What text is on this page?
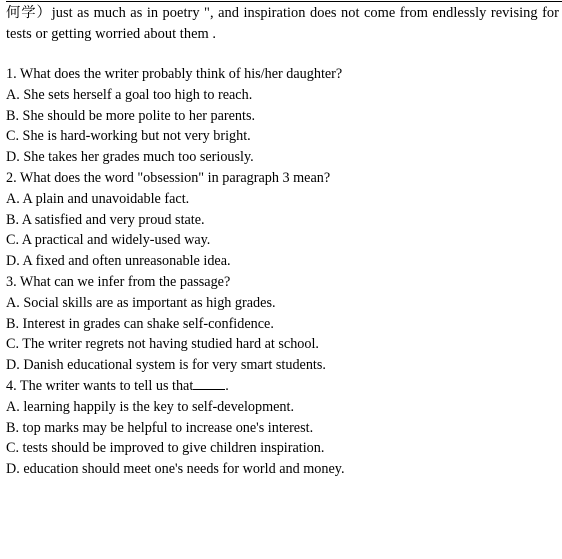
何学）just as much as in poetry ", and inspiration does not come from endlessly revising for tests or getting worried about them .
1. What does the writer probably think of his/her daughter?
A. She sets herself a goal too high to reach.
B. She should be more polite to her parents.
C. She is hard-working but not very bright.
D. She takes her grades much too seriously.
2. What does the word "obsession" in paragraph 3 mean?
A. A plain and unavoidable fact.
B. A satisfied and very proud state.
C. A practical and widely-used way.
D. A fixed and often unreasonable idea.
3. What can we infer from the passage?
A. Social skills are as important as high grades.
B. Interest in grades can shake self-confidence.
C. The writer regrets not having studied hard at school.
D. Danish educational system is for very smart students.
4. The writer wants to tell us that .
A. learning happily is the key to self-development.
B. top marks may be helpful to increase one's interest.
C. tests should be improved to give children inspiration.
D. education should meet one's needs for world and money.
